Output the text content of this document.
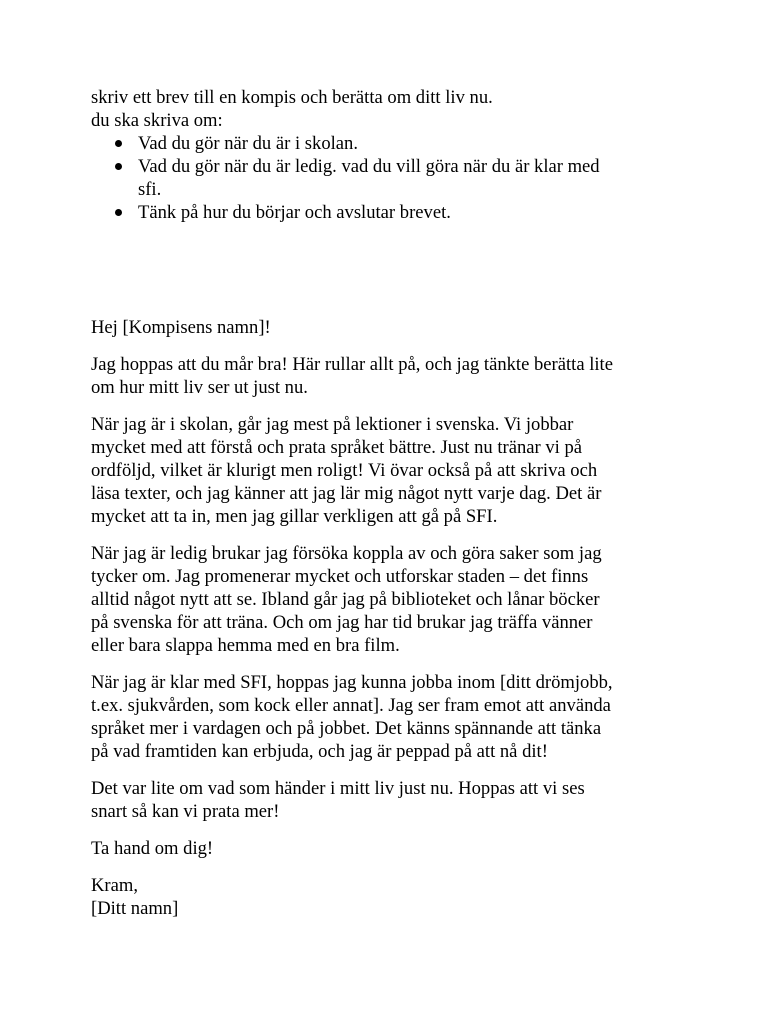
skriv ett brev till en kompis och berätta om ditt liv nu.

du ska skriva om:

Vad du gör när du är i skolan.
Vad du gör när du är ledig. vad du vill göra när du är klar med
sfi.
Tänk på hur du börjar och avslutar brevet.

Hej [Kompisens namn]!

Jag hoppas att du mår bra! Här rullar allt på, och jag tänkte berätta lite

om hur mitt liv ser ut just nu.

När jag är i skolan, går jag mest på lektioner i svenska. Vi jobbar

mycket med att förstå och prata språket bättre. Just nu tränar vi på

ordföljd, vilket är klurigt men roligt! Vi övar också på att skriva och

läsa texter, och jag känner att jag lär mig något nytt varje dag. Det är

mycket att ta in, men jag gillar verkligen att gå på SFI.

När jag är ledig brukar jag försöka koppla av och göra saker som jag

tycker om. Jag promenerar mycket och utforskar staden – det finns

alltid något nytt att se. Ibland går jag på biblioteket och lånar böcker

på svenska för att träna. Och om jag har tid brukar jag träffa vänner

eller bara slappa hemma med en bra film.

När jag är klar med SFI, hoppas jag kunna jobba inom [ditt drömjobb,

t.ex. sjukvården, som kock eller annat]. Jag ser fram emot att använda

språket mer i vardagen och på jobbet. Det känns spännande att tänka

på vad framtiden kan erbjuda, och jag är peppad på att nå dit!

Det var lite om vad som händer i mitt liv just nu. Hoppas att vi ses

snart så kan vi prata mer!

Ta hand om dig!

Kram,

[Ditt namn]
